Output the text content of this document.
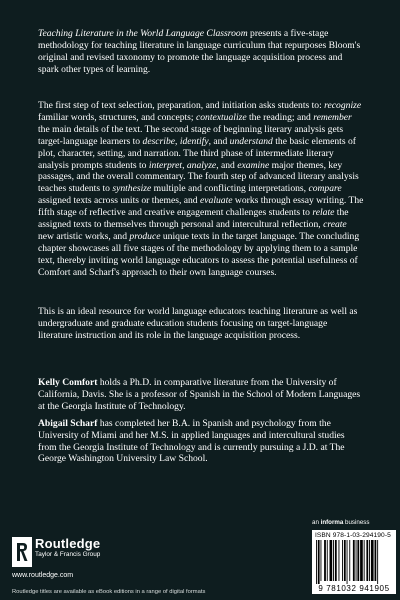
Teaching Literature in the World Language Classroom presents a five-stage methodology for teaching literature in language curriculum that repurposes Bloom's original and revised taxonomy to promote the language acquisition process and spark other types of learning.

The first step of text selection, preparation, and initiation asks students to: recognize familiar words, structures, and concepts; contextualize the reading; and remember the main details of the text. The second stage of beginning literary analysis gets target-language learners to describe, identify, and understand the basic elements of plot, character, setting, and narration. The third phase of intermediate literary analysis prompts students to interpret, analyze, and examine major themes, key passages, and the overall commentary. The fourth step of advanced literary analysis teaches students to synthesize multiple and conflicting interpretations, compare assigned texts across units or themes, and evaluate works through essay writing. The fifth stage of reflective and creative engagement challenges students to relate the assigned texts to themselves through personal and intercultural reflection, create new artistic works, and produce unique texts in the target language. The concluding chapter showcases all five stages of the methodology by applying them to a sample text, thereby inviting world language educators to assess the potential usefulness of Comfort and Scharf's approach to their own language courses.

This is an ideal resource for world language educators teaching literature as well as undergraduate and graduate education students focusing on target-language literature instruction and its role in the language acquisition process.

Kelly Comfort holds a Ph.D. in comparative literature from the University of California, Davis. She is a professor of Spanish in the School of Modern Languages at the Georgia Institute of Technology.

Abigail Scharf has completed her B.A. in Spanish and psychology from the University of Miami and her M.S. in applied languages and intercultural studies from the Georgia Institute of Technology and is currently pursuing a J.D. at The George Washington University Law School.

Routledge
Taylor & Francis Group
www.routledge.com
Routledge titles are available as eBook editions in a range of digital formats
an informa business
ISBN 978-1-03-294190-5
9 781032 941905
